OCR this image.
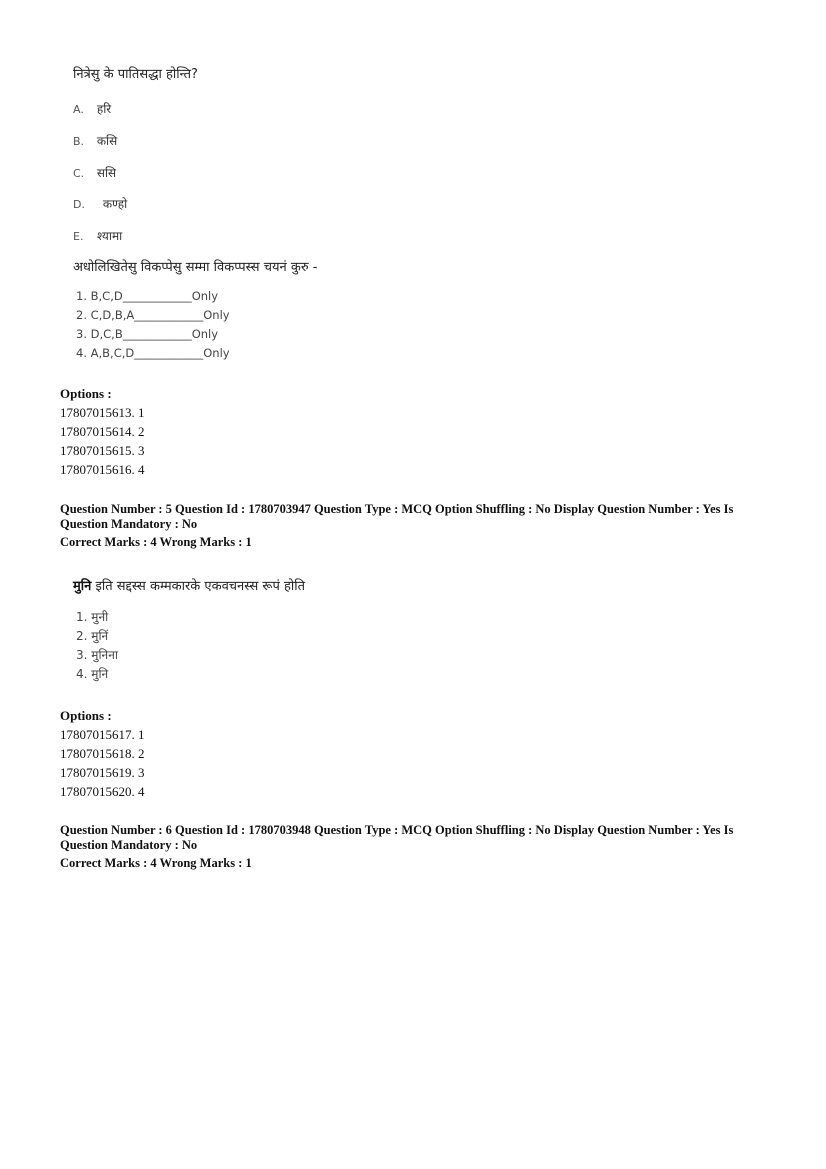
नित्रेसु के पातिसद्धा होन्ति?
A. हरि
B. कसि
C. ससि
D. कण्हो
E. श्यामा
अधोलिखितेसु विकप्पेसु सम्मा विकप्पस्स चयनं कुरु -
1. B,C,D____________Only
2. C,D,B,A____________Only
3. D,C,B____________Only
4. A,B,C,D____________Only
Options :
17807015613. 1
17807015614. 2
17807015615. 3
17807015616. 4
Question Number : 5 Question Id : 1780703947 Question Type : MCQ Option Shuffling : No Display Question Number : Yes Is
Question Mandatory : No
Correct Marks : 4 Wrong Marks : 1
मुनि इति सद्दस्स कम्मकारके एकवचनस्स रूपं होति
1. मुनी
2. मुनिं
3. मुनिना
4. मुनि
Options :
17807015617. 1
17807015618. 2
17807015619. 3
17807015620. 4
Question Number : 6 Question Id : 1780703948 Question Type : MCQ Option Shuffling : No Display Question Number : Yes Is
Question Mandatory : No
Correct Marks : 4 Wrong Marks : 1
